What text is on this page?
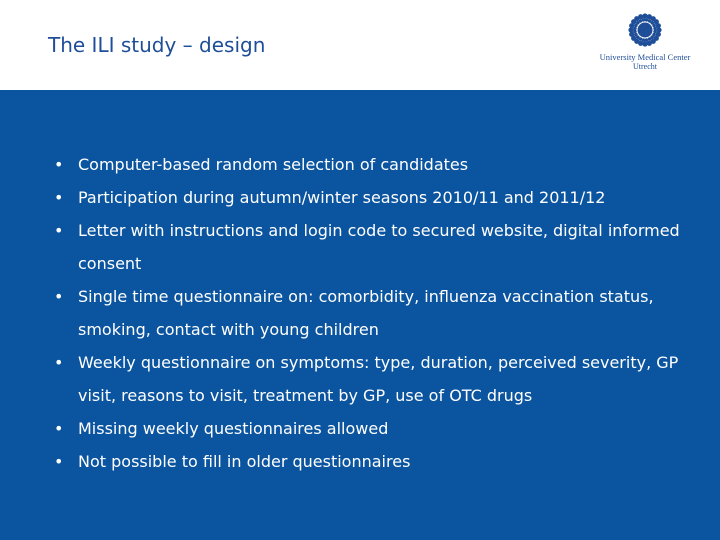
The ILI study – design	University Medical Center
Utrecht
• Computer-based random selection of candidates
• Participation during autumn/winter seasons 2010/11 and 2011/12
• Letter with instructions and login code to secured website, digital informed consent
• Single time questionnaire on: comorbidity, influenza vaccination status, smoking, contact with young children
• Weekly questionnaire on symptoms: type, duration, perceived severity, GP visit, reasons to visit, treatment by GP, use of OTC drugs
• Missing weekly questionnaires allowed
• Not possible to fill in older questionnaires
